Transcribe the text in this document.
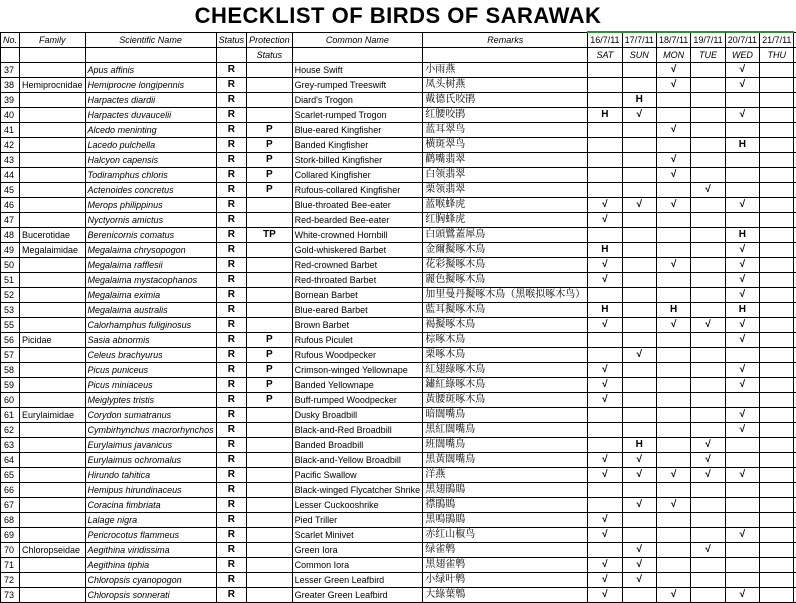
CHECKLIST OF BIRDS OF SARAWAK
No.	Family	Scientific Name	Status	Protection	Common Name	Remarks	16/7/11	17/7/11	18/7/11	19/7/11	20/7/11	21/7/11	
				Status			SAT	SUN	MON	TUE	WED	THU	
37		Apus affinis	R		House Swift	小雨燕			√		√		
38	Hemiprocnidae	Hemiprocne longipennis	R		Grey-rumped Treeswift	凤头树燕			√		√		
39		Harpactes diardii	R		Diard's Trogon	戴德氏咬鹃		H					
40		Harpactes duvaucelii	R		Scarlet-rumped Trogon	红腰咬鹃	H	√			√		
41		Alcedo meninting	R	P	Blue-eared Kingfisher	蓝耳翠鸟			√				
42		Lacedo pulchella	R	P	Banded Kingfisher	横斑翠鸟					H		
43		Halcyon capensis	R	P	Stork-billed Kingfisher	鹳嘴翡翠			√				
44		Todiramphus chloris	R	P	Collared Kingfisher	白领翡翠			√				
45		Actenoides concretus	R	P	Rufous-collared Kingfisher	栗领翡翠				√			
46		Merops philippinus	R		Blue-throated Bee-eater	蓝喉蜂虎	√	√	√		√		
47		Nyctyornis amictus	R		Red-bearded Bee-eater	红胸蜂虎	√						
48	Bucerotidae	Berenicornis comatus	R	TP	White-crowned Hornbill	白頭鷺蓋犀鳥					H		
49	Megalaimidae	Megalaima chrysopogon	R		Gold-whiskered Barbet	金爾擬啄木鳥	H				√		
50		Megalaima rafflesii	R		Red-crowned Barbet	花彩擬啄木鳥	√		√		√		
51		Megalaima mystacophanos	R		Red-throated Barbet	麗色擬啄木鳥	√				√		
52		Megalaima eximia	R		Bornean Barbet	加里曼丹擬啄木鳥（黑喉拟啄木鸟）					√		
53		Megalaima australis	R		Blue-eared Barbet	藍耳擬啄木鳥	H		H		H		
55		Calorhamphus fuliginosus	R		Brown Barbet	褐擬啄木鳥	√		√	√	√		
56	Picidae	Sasia abnormis	R	P	Rufous Piculet	棕啄木鳥					√		
57		Celeus brachyurus	R	P	Rufous Woodpecker	栗啄木鳥		√					
58		Picus puniceus	R	P	Crimson-winged Yellownape	紅翅綠啄木鳥	√				√		
59		Picus miniaceus	R	P	Banded Yellownape	鏽紅綠啄木鳥	√				√		
60		Meiglyptes tristis	R	P	Buff-rumped Woodpecker	黃腰斑啄木鳥	√						
61	Eurylaimidae	Corydon sumatranus	R		Dusky Broadbill	暗闊嘴鳥					√		
62		Cymbirhynchus macrorhynchos	R		Black-and-Red Broadbill	黑紅闊嘴鳥					√		
63		Eurylaimus javanicus	R		Banded Broadbill	班闊嘴鳥		H		√			
64		Eurylaimus ochromalus	R		Black-and-Yellow Broadbill	黑黃闊嘴鳥	√	√		√			
65		Hirundo tahitica	R		Pacific Swallow	洋燕	√	√	√	√	√		
66		Hemipus hirundinaceus	R		Black-winged Flycatcher Shrike	黑翅鵑鵙							
67		Coracina fimbriata	R		Lesser Cuckooshrike	襟鵑鵙		√	√				
68		Lalage nigra	R		Pied Triller	黑鳴鵑鵙	√						
69		Pericrocotus flammeus	R		Scarlet Minivet	赤红山椒鸟	√				√		
70	Chloropseidae	Aegithina viridissima	R		Green Iora	绿雀鹎		√		√			
71		Aegithina tiphia	R		Common Iora	黑翅雀鹎	√	√					
72		Chloropsis cyanopogon	R		Lesser Green Leafbird	小绿叶鹎	√	√					
73		Chloropsis sonnerati	R		Greater Green Leafbird	大綠葉鵯	√		√		√		
